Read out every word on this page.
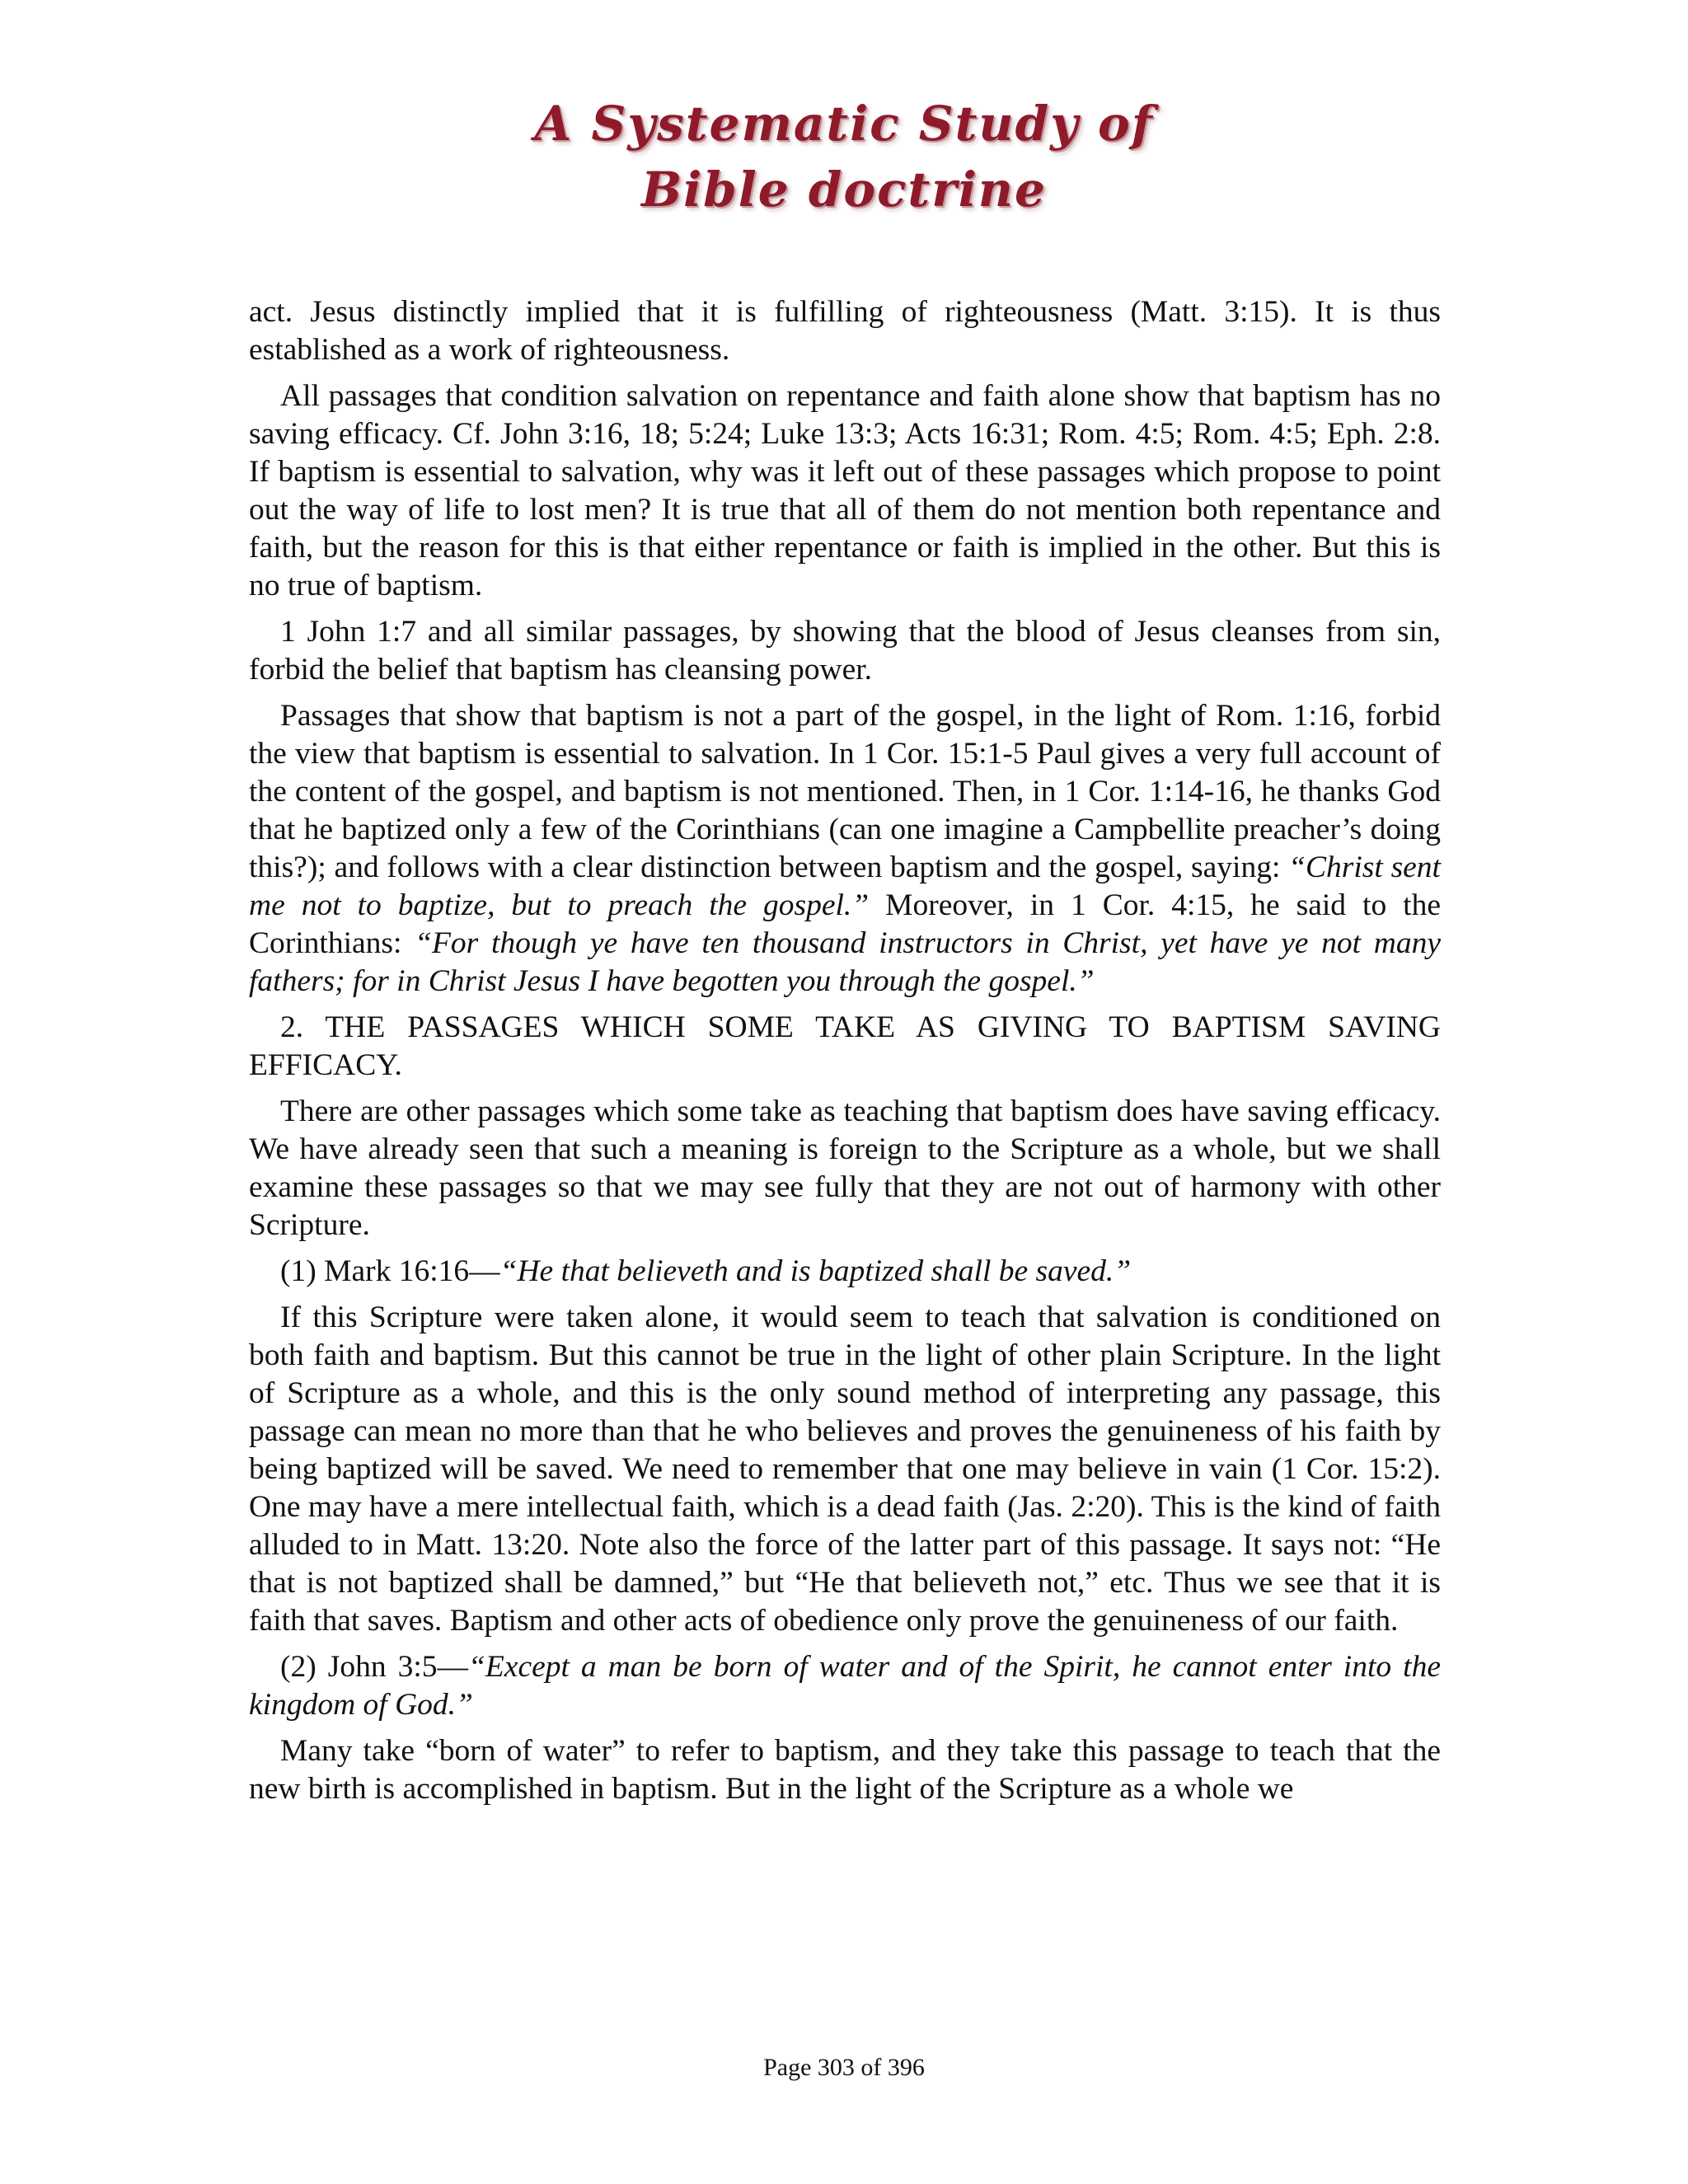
A Systematic Study of
Bible doctrine

act. Jesus distinctly implied that it is fulfilling of righteousness (Matt. 3:15). It is thus established as a work of righteousness.

All passages that condition salvation on repentance and faith alone show that baptism has no saving efficacy. Cf. John 3:16, 18; 5:24; Luke 13:3; Acts 16:31; Rom. 4:5; Rom. 4:5; Eph. 2:8. If baptism is essential to salvation, why was it left out of these passages which propose to point out the way of life to lost men? It is true that all of them do not mention both repentance and faith, but the reason for this is that either repentance or faith is implied in the other. But this is no true of baptism.

1 John 1:7 and all similar passages, by showing that the blood of Jesus cleanses from sin, forbid the belief that baptism has cleansing power.

Passages that show that baptism is not a part of the gospel, in the light of Rom. 1:16, forbid the view that baptism is essential to salvation. In 1 Cor. 15:1-5 Paul gives a very full account of the content of the gospel, and baptism is not mentioned. Then, in 1 Cor. 1:14-16, he thanks God that he baptized only a few of the Corinthians (can one imagine a Campbellite preacher’s doing this?); and follows with a clear distinction between baptism and the gospel, saying: “Christ sent me not to baptize, but to preach the gospel.” Moreover, in 1 Cor. 4:15, he said to the Corinthians: “For though ye have ten thousand instructors in Christ, yet have ye not many fathers; for in Christ Jesus I have begotten you through the gospel.”

2. THE PASSAGES WHICH SOME TAKE AS GIVING TO BAPTISM SAVING EFFICACY.

There are other passages which some take as teaching that baptism does have saving efficacy. We have already seen that such a meaning is foreign to the Scripture as a whole, but we shall examine these passages so that we may see fully that they are not out of harmony with other Scripture.

(1) Mark 16:16—“He that believeth and is baptized shall be saved.”

If this Scripture were taken alone, it would seem to teach that salvation is conditioned on both faith and baptism. But this cannot be true in the light of other plain Scripture. In the light of Scripture as a whole, and this is the only sound method of interpreting any passage, this passage can mean no more than that he who believes and proves the genuineness of his faith by being baptized will be saved. We need to remember that one may believe in vain (1 Cor. 15:2). One may have a mere intellectual faith, which is a dead faith (Jas. 2:20). This is the kind of faith alluded to in Matt. 13:20. Note also the force of the latter part of this passage. It says not: “He that is not baptized shall be damned,” but “He that believeth not,” etc. Thus we see that it is faith that saves. Baptism and other acts of obedience only prove the genuineness of our faith.

(2) John 3:5—“Except a man be born of water and of the Spirit, he cannot enter into the kingdom of God.”

Many take “born of water” to refer to baptism, and they take this passage to teach that the new birth is accomplished in baptism. But in the light of the Scripture as a whole we

Page 303 of 396
